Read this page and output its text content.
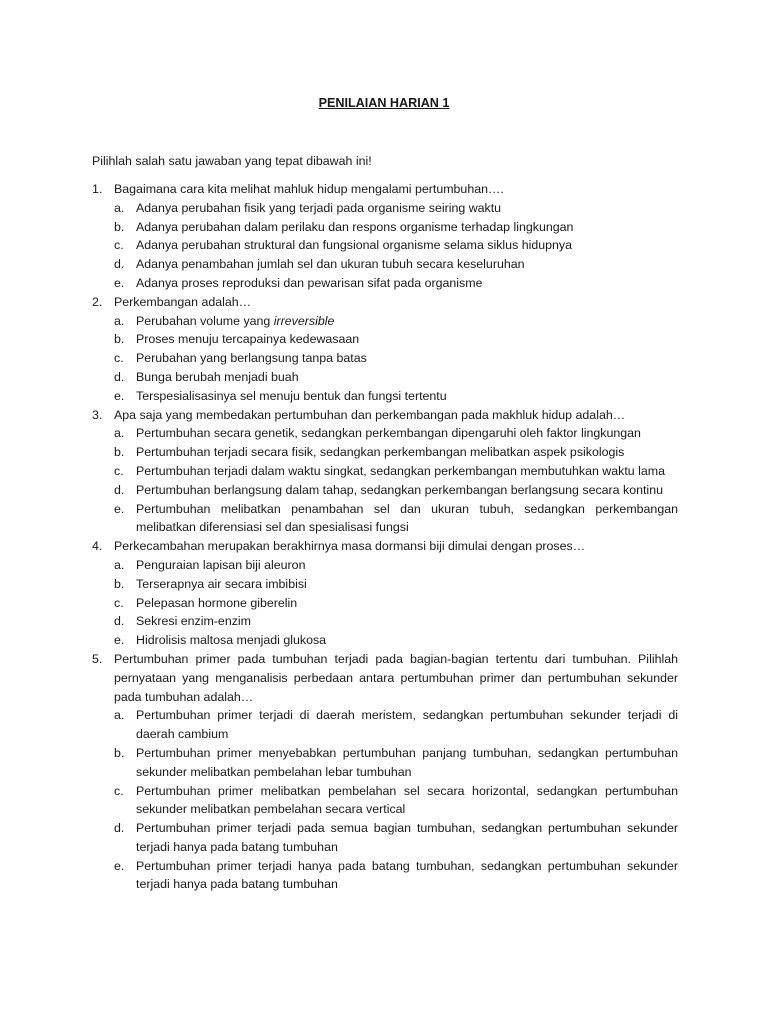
PENILAIAN HARIAN 1
Pilihlah salah satu jawaban yang tepat dibawah ini!
1. Bagaimana cara kita melihat mahluk hidup mengalami pertumbuhan….
a. Adanya perubahan fisik yang terjadi pada organisme seiring waktu
b. Adanya perubahan dalam perilaku dan respons organisme terhadap lingkungan
c. Adanya perubahan struktural dan fungsional organisme selama siklus hidupnya
d. Adanya penambahan jumlah sel dan ukuran tubuh secara keseluruhan
e. Adanya proses reproduksi dan pewarisan sifat pada organisme
2. Perkembangan adalah…
a. Perubahan volume yang irreversible
b. Proses menuju tercapainya kedewasaan
c. Perubahan yang berlangsung tanpa batas
d. Bunga berubah menjadi buah
e. Terspesialisasinya sel menuju bentuk dan fungsi tertentu
3. Apa saja yang membedakan pertumbuhan dan perkembangan pada makhluk hidup adalah…
a. Pertumbuhan secara genetik, sedangkan perkembangan dipengaruhi oleh faktor lingkungan
b. Pertumbuhan terjadi secara fisik, sedangkan perkembangan melibatkan aspek psikologis
c. Pertumbuhan terjadi dalam waktu singkat, sedangkan perkembangan membutuhkan waktu lama
d. Pertumbuhan berlangsung dalam tahap, sedangkan perkembangan berlangsung secara kontinu
e. Pertumbuhan melibatkan penambahan sel dan ukuran tubuh, sedangkan perkembangan melibatkan diferensiasi sel dan spesialisasi fungsi
4. Perkecambahan merupakan berakhirnya masa dormansi biji dimulai dengan proses…
a. Penguraian lapisan biji aleuron
b. Terserapnya air secara imbibisi
c. Pelepasan hormone giberelin
d. Sekresi enzim-enzim
e. Hidrolisis maltosa menjadi glukosa
5. Pertumbuhan primer pada tumbuhan terjadi pada bagian-bagian tertentu dari tumbuhan. Pilihlah pernyataan yang menganalisis perbedaan antara pertumbuhan primer dan pertumbuhan sekunder pada tumbuhan adalah…
a. Pertumbuhan primer terjadi di daerah meristem, sedangkan pertumbuhan sekunder terjadi di daerah cambium
b. Pertumbuhan primer menyebabkan pertumbuhan panjang tumbuhan, sedangkan pertumbuhan sekunder melibatkan pembelahan lebar tumbuhan
c. Pertumbuhan primer melibatkan pembelahan sel secara horizontal, sedangkan pertumbuhan sekunder melibatkan pembelahan secara vertical
d. Pertumbuhan primer terjadi pada semua bagian tumbuhan, sedangkan pertumbuhan sekunder terjadi hanya pada batang tumbuhan
e. Pertumbuhan primer terjadi hanya pada batang tumbuhan, sedangkan pertumbuhan sekunder terjadi hanya pada batang tumbuhan
